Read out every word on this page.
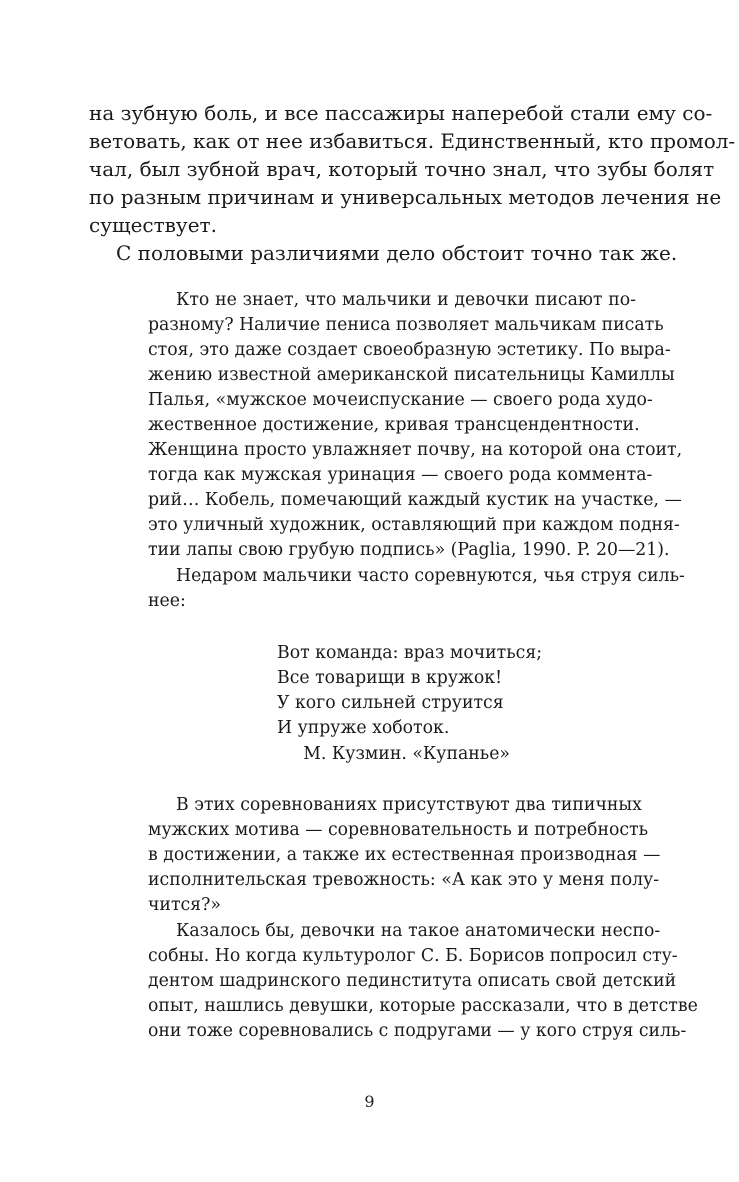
на зубную боль, и все пассажиры наперебой стали ему со-
ветовать, как от нее избавиться. Единственный, кто промол-
чал, был зубной врач, который точно знал, что зубы болят
по разным причинам и универсальных методов лечения не
существует.
С половыми различиями дело обстоит точно так же.
Кто не знает, что мальчики и девочки писают по-
разному? Наличие пениса позволяет мальчикам писать
стоя, это даже создает своеобразную эстетику. По выра-
жению известной американской писательницы Камиллы
Палья, «мужское мочеиспускание — своего рода худо-
жественное достижение, кривая трансцендентности.
Женщина просто увлажняет почву, на которой она стоит,
тогда как мужская уринация — своего рода коммента-
рий… Кобель, помечающий каждый кустик на участке, —
это уличный художник, оставляющий при каждом подня-
тии лапы свою грубую подпись» (Paglia, 1990. P. 20—21).
Недаром мальчики часто соревнуются, чья струя силь-
нее:
Вот команда: враз мочиться;
Все товарищи в кружок!
У кого сильней струится
И упруже хоботок.
М. Кузмин. «Купанье»
В этих соревнованиях присутствуют два типичных
мужских мотива — соревновательность и потребность
в достижении, а также их естественная производная —
исполнительская тревожность: «А как это у меня полу-
чится?»
Казалось бы, девочки на такое анатомически неспо-
собны. Но когда культуролог С. Б. Борисов попросил сту-
дентом шадринского пединститута описать свой детский
опыт, нашлись девушки, которые рассказали, что в детстве
они тоже соревновались с подругами — у кого струя силь-
9
